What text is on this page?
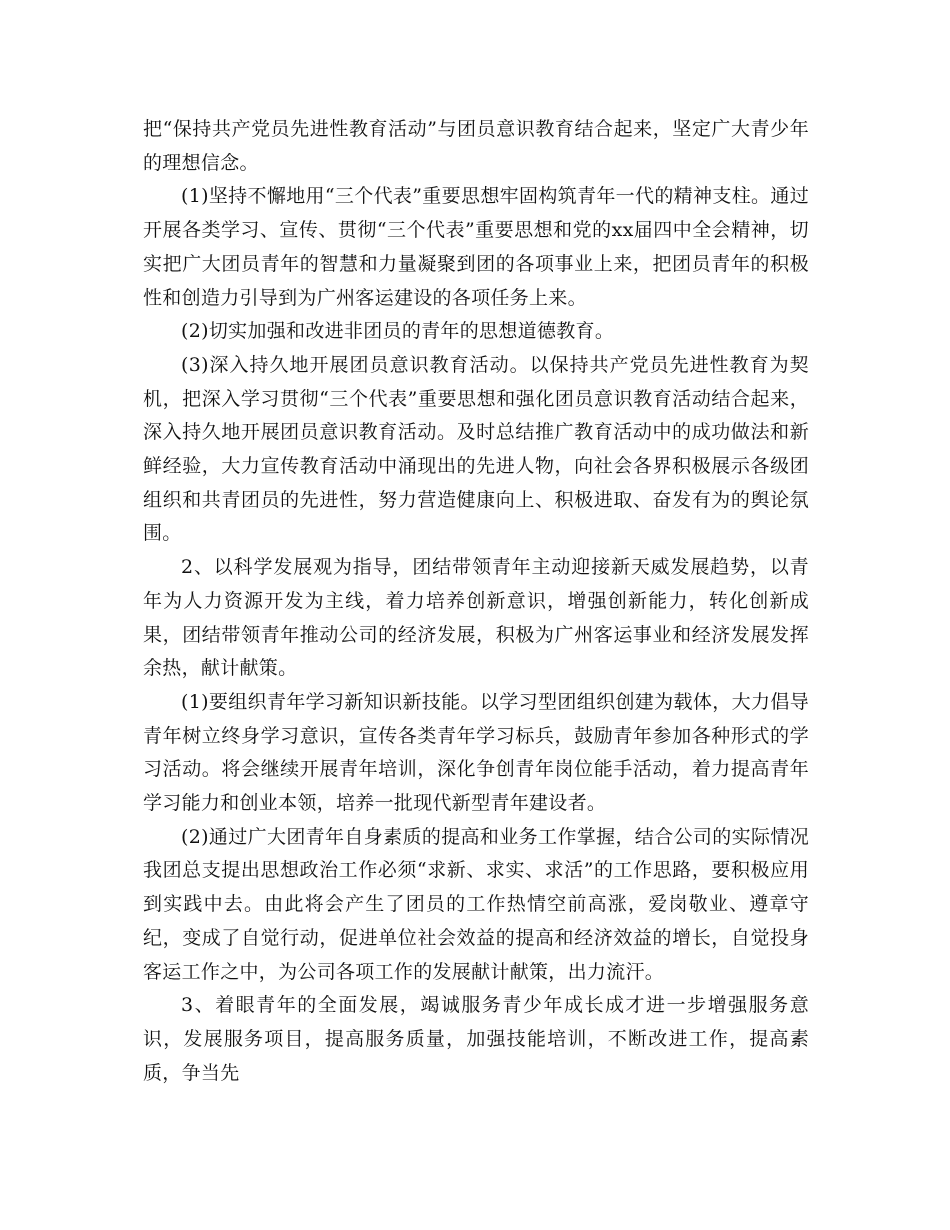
把“保持共产党员先进性教育活动”与团员意识教育结合起来，坚定广大青少年的理想信念。

(1)坚持不懈地用“三个代表”重要思想牢固构筑青年一代的精神支柱。通过开展各类学习、宣传、贯彻“三个代表”重要思想和党的xx届四中全会精神，切实把广大团员青年的智慧和力量凝聚到团的各项事业上来，把团员青年的积极性和创造力引导到为广州客运建设的各项任务上来。

(2)切实加强和改进非团员的青年的思想道德教育。

(3)深入持久地开展团员意识教育活动。以保持共产党员先进性教育为契机，把深入学习贯彻“三个代表”重要思想和强化团员意识教育活动结合起来，深入持久地开展团员意识教育活动。及时总结推广教育活动中的成功做法和新鲜经验，大力宣传教育活动中涌现出的先进人物，向社会各界积极展示各级团组织和共青团员的先进性，努力营造健康向上、积极进取、奋发有为的舆论氛围。

2、以科学发展观为指导，团结带领青年主动迎接新天威发展趋势，以青年为人力资源开发为主线，着力培养创新意识，增强创新能力，转化创新成果，团结带领青年推动公司的经济发展，积极为广州客运事业和经济发展发挥余热，献计献策。

(1)要组织青年学习新知识新技能。以学习型团组织创建为载体，大力倡导青年树立终身学习意识，宣传各类青年学习标兵，鼓励青年参加各种形式的学习活动。将会继续开展青年培训，深化争创青年岗位能手活动，着力提高青年学习能力和创业本领，培养一批现代新型青年建设者。

(2)通过广大团青年自身素质的提高和业务工作掌握，结合公司的实际情况我团总支提出思想政治工作必须“求新、求实、求活”的工作思路，要积极应用到实践中去。由此将会产生了团员的工作热情空前高涨，爱岗敬业、遵章守纪，变成了自觉行动，促进单位社会效益的提高和经济效益的增长，自觉投身客运工作之中，为公司各项工作的发展献计献策，出力流汗。

3、着眼青年的全面发展，竭诚服务青少年成长成才进一步增强服务意识，发展服务项目，提高服务质量，加强技能培训，不断改进工作，提高素质，争当先
